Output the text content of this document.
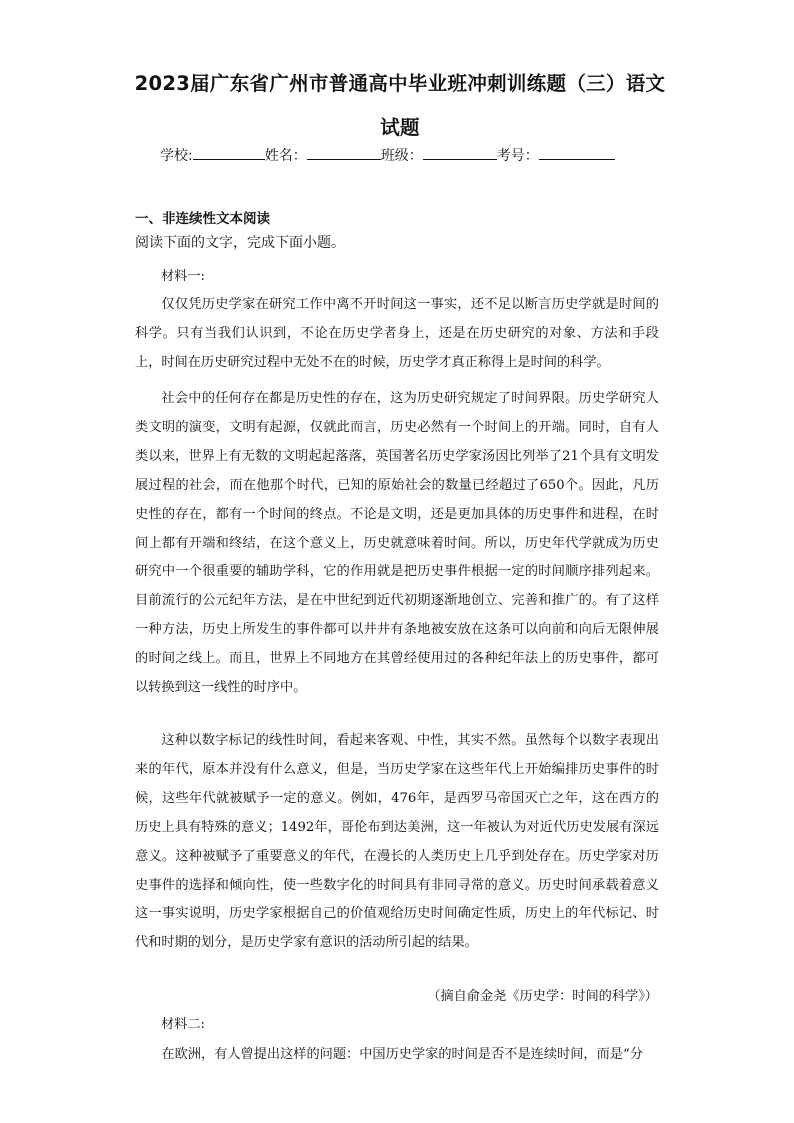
2023届广东省广州市普通高中毕业班冲刺训练题（三）语文
试题
学校:	姓名：	班级：	考号：
一、非连续性文本阅读
阅读下面的文字，完成下面小题。
材料一:

仅仅凭历史学家在研究工作中离不开时间这一事实，还不足以断言历史学就是时间的科学。只有当我们认识到，不论在历史学者身上，还是在历史研究的对象、方法和手段上，时间在历史研究过程中无处不在的时候，历史学才真正称得上是时间的科学。

社会中的任何存在都是历史性的存在，这为历史研究规定了时间界限。历史学研究人类文明的演变，文明有起源，仅就此而言，历史必然有一个时间上的开端。同时，自有人类以来，世界上有无数的文明起起落落，英国著名历史学家汤因比列举了21个具有文明发展过程的社会，而在他那个时代，已知的原始社会的数量已经超过了650个。因此，凡历史性的存在，都有一个时间的终点。不论是文明，还是更加具体的历史事件和进程，在时间上都有开端和终结，在这个意义上，历史就意味着时间。所以，历史年代学就成为历史研究中一个很重要的辅助学科，它的作用就是把历史事件根据一定的时间顺序排列起来。目前流行的公元纪年方法，是在中世纪到近代初期逐渐地创立、完善和推广的。有了这样一种方法，历史上所发生的事件都可以井井有条地被安放在这条可以向前和向后无限伸展的时间之线上。而且，世界上不同地方在其曾经使用过的各种纪年法上的历史事件，都可以转换到这一线性的时序中。

这种以数字标记的线性时间，看起来客观、中性，其实不然。虽然每个以数字表现出来的年代，原本并没有什么意义，但是，当历史学家在这些年代上开始编排历史事件的时候，这些年代就被赋予一定的意义。例如，476年，是西罗马帝国灭亡之年，这在西方的历史上具有特殊的意义；1492年，哥伦布到达美洲，这一年被认为对近代历史发展有深远意义。这种被赋予了重要意义的年代，在漫长的人类历史上几乎到处存在。历史学家对历史事件的选择和倾向性，使一些数字化的时间具有非同寻常的意义。历史时间承载着意义这一事实说明，历史学家根据自己的价值观给历史时间确定性质，历史上的年代标记、时代和时期的划分，是历史学家有意识的活动所引起的结果。

（摘自俞金尧《历史学：时间的科学》）
材料二:

在欧洲，有人曾提出这样的问题：中国历史学家的时间是否不是连续时间，而是“分
